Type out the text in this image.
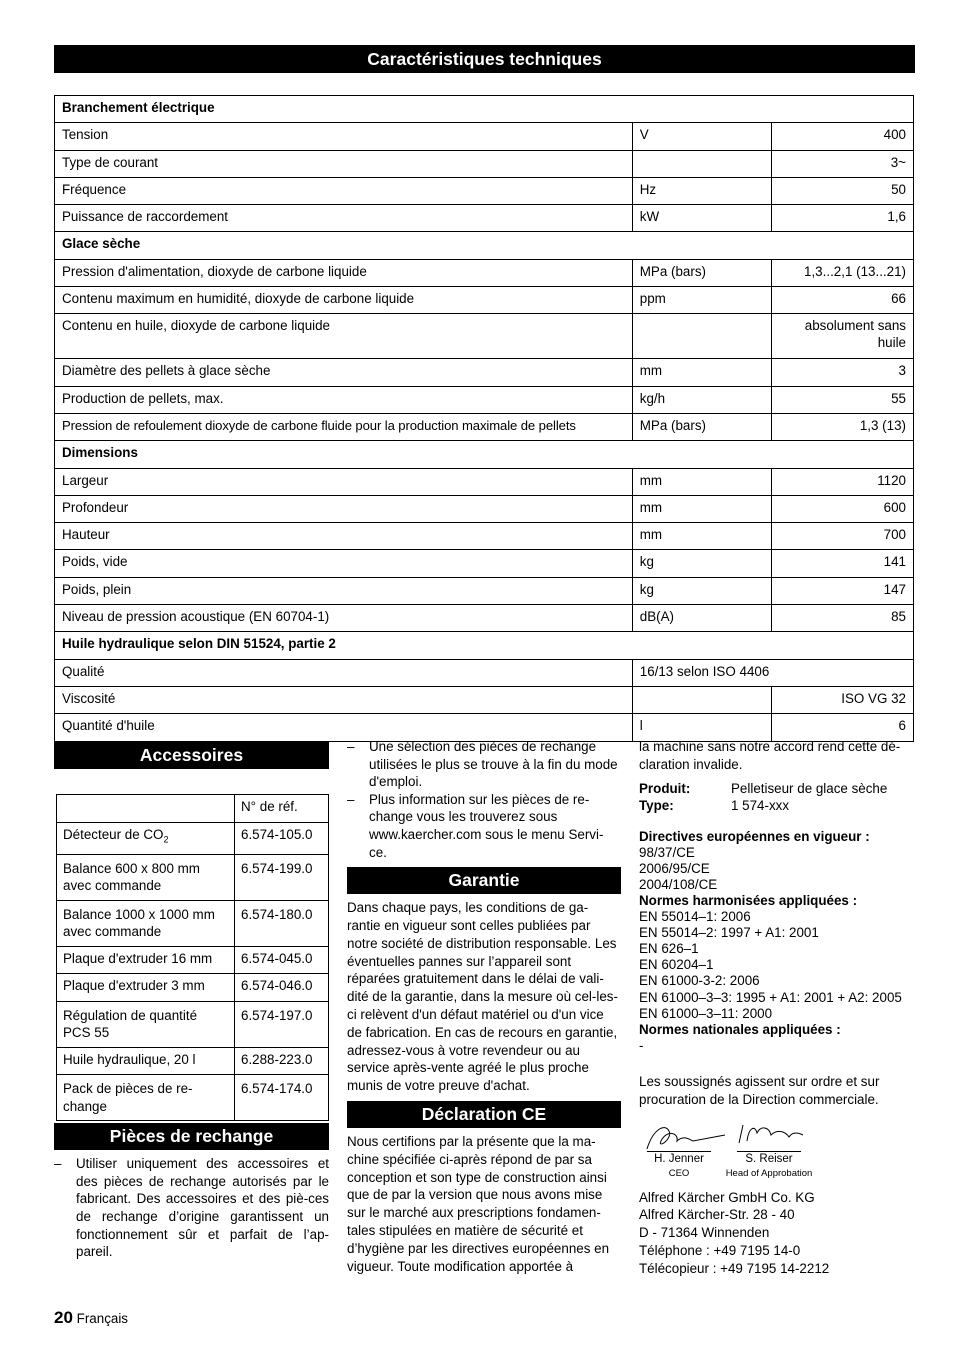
Caractéristiques techniques
Branchement électrique		
Tension	V	400
Type de courant		3~
Fréquence	Hz	50
Puissance de raccordement	kW	1,6
Glace sèche		
Pression d'alimentation, dioxyde de carbone liquide	MPa (bars)	1,3...2,1 (13...21)
Contenu maximum en humidité, dioxyde de carbone liquide	ppm	66
Contenu en huile, dioxyde de carbone liquide		absolument sans huile
Diamètre des pellets à glace sèche	mm	3
Production de pellets, max.	kg/h	55
Pression de refoulement dioxyde de carbone fluide pour la production maximale de pellets	MPa (bars)	1,3 (13)
Dimensions		
Largeur	mm	1120
Profondeur	mm	600
Hauteur	mm	700
Poids, vide	kg	141
Poids, plein	kg	147
Niveau de pression acoustique (EN 60704-1)	dB(A)	85
Huile hydraulique selon DIN 51524, partie 2		
Qualité	16/13 selon ISO 4406	
Viscosité		ISO VG 32
Quantité d'huile	l	6
Accessoires
	N° de réf.
Détecteur de $CO_2$	6.574-105.0
Balance 600 x 800 mm avec commande	6.574-199.0
Balance 1000 x 1000 mm avec commande	6.574-180.0
Plaque d'extruder 16 mm	6.574-045.0
Plaque d'extruder 3 mm	6.574-046.0
Régulation de quantité PCS 55	6.574-197.0
Huile hydraulique, 20 l	6.288-223.0
Pack de pièces de re-change	6.574-174.0
Pièces de rechange
– Utiliser uniquement des accessoires et des pièces de rechange autorisés par le fabricant. Des accessoires et des piè-ces de rechange d’origine garantissent un fonctionnement sûr et parfait de l’ap-pareil.
– Une sélection des pièces de rechange utilisées le plus se trouve à la fin du mode d'emploi.
– Plus information sur les pièces de re-change vous les trouverez sous www.kaercher.com sous le menu Servi-ce.
Garantie
Dans chaque pays, les conditions de ga-rantie en vigueur sont celles publiées par notre société de distribution responsable. Les éventuelles pannes sur l’appareil sont réparées gratuitement dans le délai de vali-dité de la garantie, dans la mesure où cel-les-ci relèvent d'un défaut matériel ou d'un vice de fabrication. En cas de recours en garantie, adressez-vous à votre revendeur ou au service après-vente agréé le plus proche munis de votre preuve d'achat.
Déclaration CE
Nous certifions par la présente que la ma-chine spécifiée ci-après répond de par sa conception et son type de construction ainsi que de par la version que nous avons mise sur le marché aux prescriptions fondamen-tales stipulées en matière de sécurité et d’hygiène par les directives européennes en vigueur. Toute modification apportée à
la machine sans notre accord rend cette dé-claration invalide.
Produit:	Pelletiseur de glace sèche
Type:	1 574-xxx
Directives européennes en vigueur :
98/37/CE
2006/95/CE
2004/108/CE
Normes harmonisées appliquées :
EN 55014–1: 2006
EN 55014–2: 1997 + A1: 2001
EN 626–1
EN 60204–1
EN 61000-3-2: 2006
EN 61000–3–3: 1995 + A1: 2001 + A2: 2005
EN 61000–3–11: 2000
Normes nationales appliquées :
-
Les soussignés agissent sur ordre et sur procuration de la Direction commerciale.
H. Jenner
CEO
S. Reiser
Head of Approbation
Alfred Kärcher GmbH Co. KG
Alfred Kärcher-Str. 28 - 40
D - 71364 Winnenden
Téléphone : +49 7195 14-0
Télécopieur : +49 7195 14-2212
20 Français
